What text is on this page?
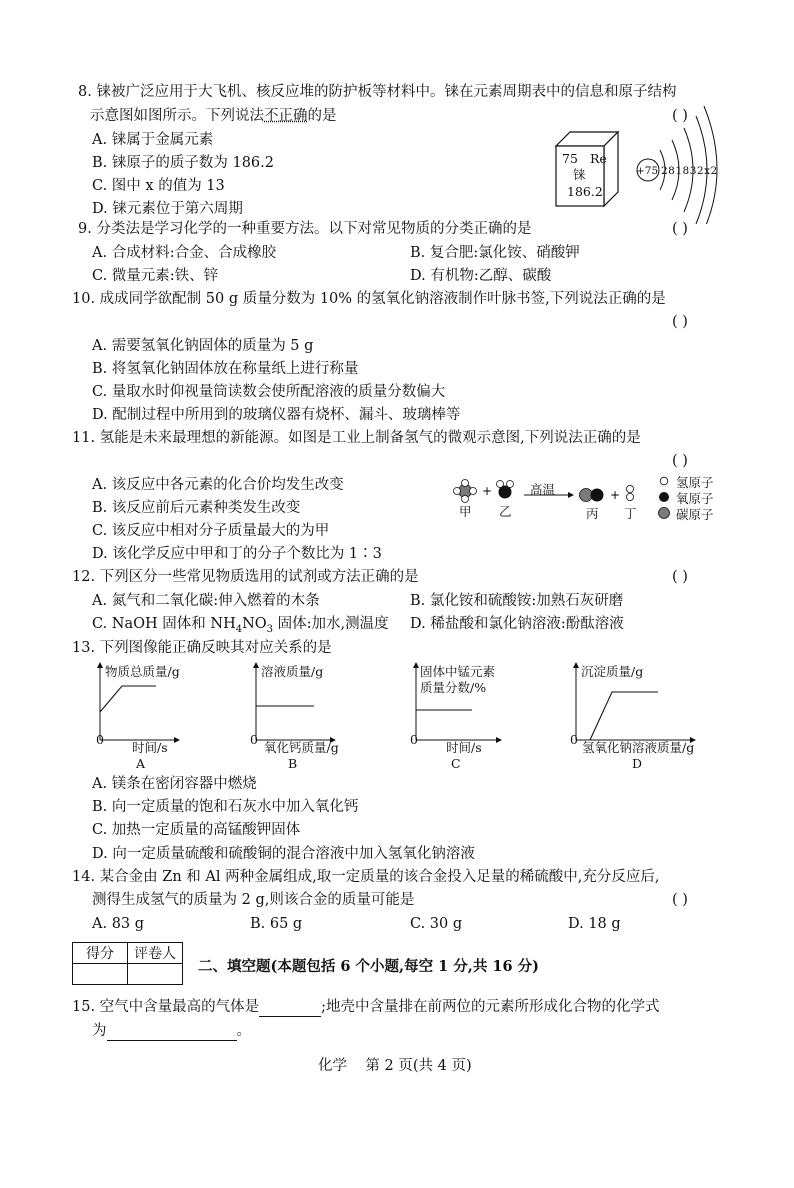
8. 铼被广泛应用于大飞机、核反应堆的防护板等材料中。铼在元素周期表中的信息和原子结构
示意图如图所示。下列说法不正确的是	( )
A. 铼属于金属元素
B. 铼原子的质子数为 186.2
C. 图中 x 的值为 13
D. 铼元素位于第六周期
75 Re
铼
186.2
+75 281832x2
9. 分类法是学习化学的一种重要方法。以下对常见物质的分类正确的是	( )
A. 合成材料:合金、合成橡胶	B. 复合肥:氯化铵、硝酸钾
C. 微量元素:铁、锌	D. 有机物:乙醇、碳酸
10. 成成同学欲配制 50 g 质量分数为 10% 的氢氧化钠溶液制作叶脉书签,下列说法正确的是
( )
A. 需要氢氧化钠固体的质量为 5 g
B. 将氢氧化钠固体放在称量纸上进行称量
C. 量取水时仰视量筒读数会使所配溶液的质量分数偏大
D. 配制过程中所用到的玻璃仪器有烧杯、漏斗、玻璃棒等
11. 氢能是未来最理想的新能源。如图是工业上制备氢气的微观示意图,下列说法正确的是
( )
A. 该反应中各元素的化合价均发生改变
B. 该反应前后元素种类发生改变
C. 该反应中相对分子质量最大的为甲
D. 该化学反应中甲和丁的分子个数比为 1∶3
+	+
高温
甲 乙	丙 丁
氢原子
氧原子
碳原子
12. 下列区分一些常见物质选用的试剂或方法正确的是	( )
A. 氮气和二氧化碳:伸入燃着的木条	B. 氯化铵和硫酸铵:加熟石灰研磨
C. NaOH 固体和 $NH_4NO_3$ 固体:加水,测温度 D. 稀盐酸和氯化钠溶液:酚酞溶液
13. 下列图像能正确反映其对应关系的是
物质总质量/g
0
时间/s
A
溶液质量/g
0
氧化钙质量/g
B
固体中锰元素
质量分数/%
0
时间/s
C
沉淀质量/g
0
氢氧化钠溶液质量/g
D
A. 镁条在密闭容器中燃烧
B. 向一定质量的饱和石灰水中加入氧化钙
C. 加热一定质量的高锰酸钾固体
D. 向一定质量硫酸和硫酸铜的混合溶液中加入氢氧化钠溶液
14. 某合金由 Zn 和 Al 两种金属组成,取一定质量的该合金投入足量的稀硫酸中,充分反应后,
测得生成氢气的质量为 2 g,则该合金的质量可能是	( )
A. 83 g	B. 65 g	C. 30 g	D. 18 g
得分	评卷人

二、填空题(本题包括 6 个小题,每空 1 分,共 16 分)
15. 空气中含量最高的气体是	;地壳中含量排在前两位的元素所形成化合物的化学式
为	。
化学    第 2 页(共 4 页)
